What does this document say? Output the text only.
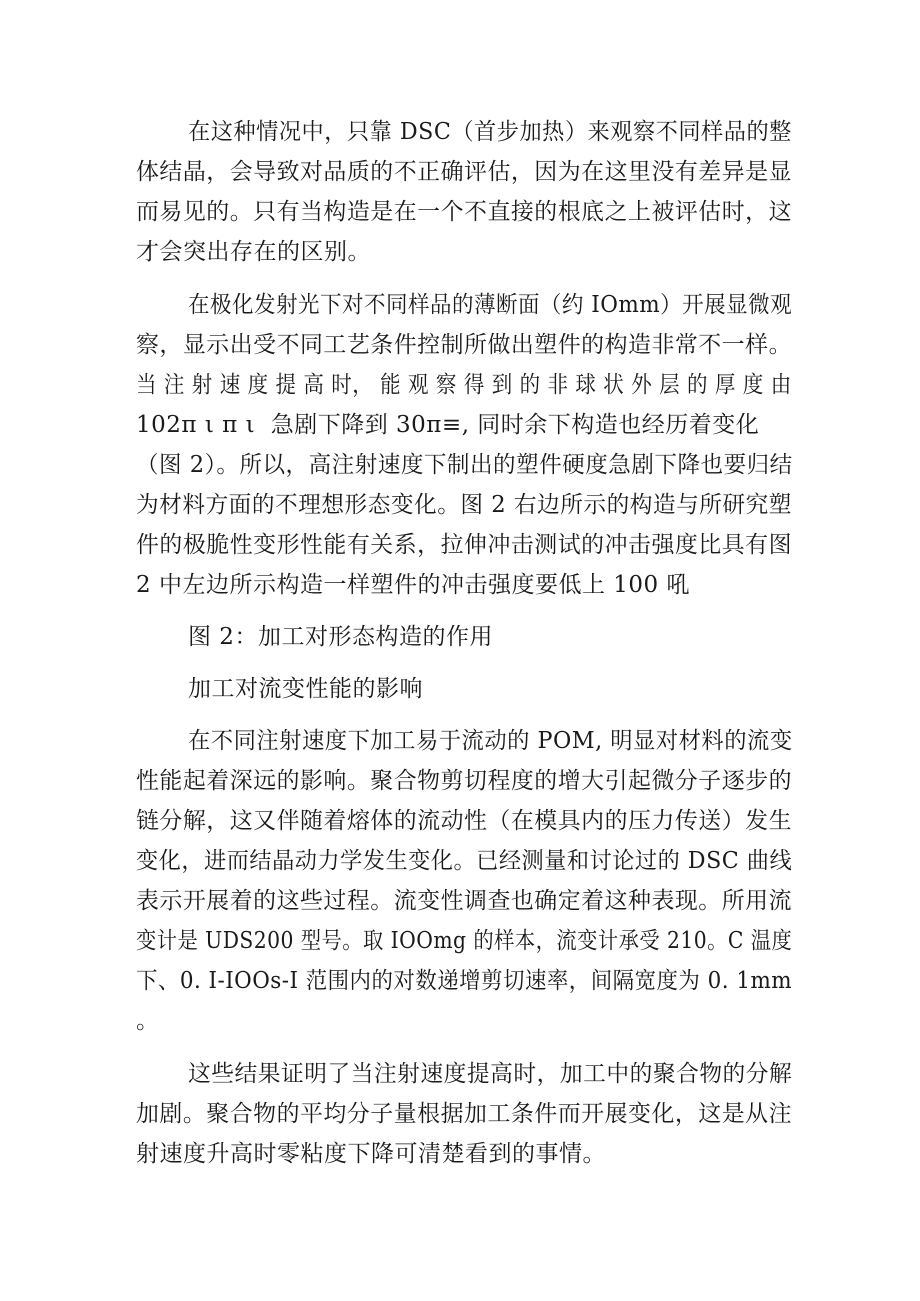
在这种情况中，只靠 DSC（首步加热）来观察不同样品的整
体结晶，会导致对品质的不正确评估，因为在这里没有差异是显
而易见的。只有当构造是在一个不直接的根底之上被评估时，这
才会突出存在的区别。
在极化发射光下对不同样品的薄断面（约 IOmm）开展显微观
察，显示出受不同工艺条件控制所做出塑件的构造非常不一样。
当 注 射 速 度 提 高 时， 能 观 察 得 到 的 非 球 状 外 层 的 厚 度 由
102π ι π ι  急剧下降到 30π≡, 同时余下构造也经历着变化
（图 2）。所以，高注射速度下制出的塑件硬度急剧下降也要归结
为材料方面的不理想形态变化。图 2 右边所示的构造与所研究塑
件的极脆性变形性能有关系，拉伸冲击测试的冲击强度比具有图
2 中左边所示构造一样塑件的冲击强度要低上 100 吼
图 2：加工对形态构造的作用
加工对流变性能的影响
在不同注射速度下加工易于流动的 POM, 明显对材料的流变
性能起着深远的影响。聚合物剪切程度的增大引起微分子逐步的
链分解，这又伴随着熔体的流动性（在模具内的压力传送）发生
变化，进而结晶动力学发生变化。已经测量和讨论过的 DSC 曲线
表示开展着的这些过程。流变性调查也确定着这种表现。所用流
变计是 UDS200 型号。取 IOOmg 的样本，流变计承受 210。C 温度
下、0. I-IOOs-I 范围内的对数递增剪切速率，间隔宽度为 0. 1mm
。
这些结果证明了当注射速度提高时，加工中的聚合物的分解
加剧。聚合物的平均分子量根据加工条件而开展变化，这是从注
射速度升高时零粘度下降可清楚看到的事情。
